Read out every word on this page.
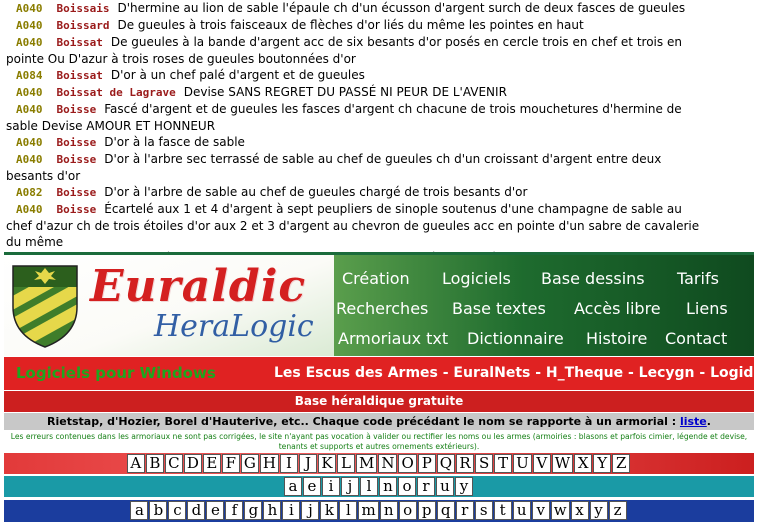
A040 Boissais D'hermine au lion de sable l'épaule ch d'un écusson d'argent surch de deux fasces de gueules
A040 Boissard De gueules à trois faisceaux de flèches d'or liés du même les pointes en haut
A040 Boissat De gueules à la bande d'argent acc de six besants d'or posés en cercle trois en chef et trois en pointe Ou D'azur à trois roses de gueules boutonnées d'or
A084 Boissat D'or à un chef palé d'argent et de gueules
A040 Boissat de Lagrave Devise SANS REGRET DU PASSÉ NI PEUR DE L'AVENIR
A040 Boisse Fascé d'argent et de gueules les fasces d'argent ch chacune de trois mouchetures d'hermine de sable Devise AMOUR ET HONNEUR
A040 Boisse D'or à la fasce de sable
A040 Boisse D'or à l'arbre sec terrassé de sable au chef de gueules ch d'un croissant d'argent entre deux besants d'or
A082 Boisse D'or à l'arbre de sable au chef de gueules chargé de trois besants d'or
A040 Boisse Écartelé aux 1 et 4 d'argent à sept peupliers de sinople soutenus d'une champagne de sable au chef d'azur ch de trois étoiles d'or aux 2 et 3 d'argent au chevron de gueules acc en pointe d'un sabre de cavalerie du même
Euraldic
HeraLogic
Création Logiciels Base dessins Tarifs
Recherches Base textes Accès libre Liens
Armoriaux txt Dictionnaire Histoire Contact
Logiciels pour Windows	Les Escus des Armes - EuralNets - H_Theque - Lecygn - Logidess
Base héraldique gratuite
Rietstap, d'Hozier, Borel d'Hauterive, etc.. Chaque code précédant le nom se rapporte à un armorial : liste.
Les erreurs contenues dans les armoriaux ne sont pas corrigées, le site n'ayant pas vocation à valider ou rectifier les noms ou les armes (armoiries : blasons et parfois cimier, légende et devise, tenants et supports et autres ornements extérieurs).
A B C D E F G H I J K L M N O P Q R S T U V W X Y Z
a e i j l n o r u y
a b c d e f g h i j k l m n o p q r s t u v w x y z
